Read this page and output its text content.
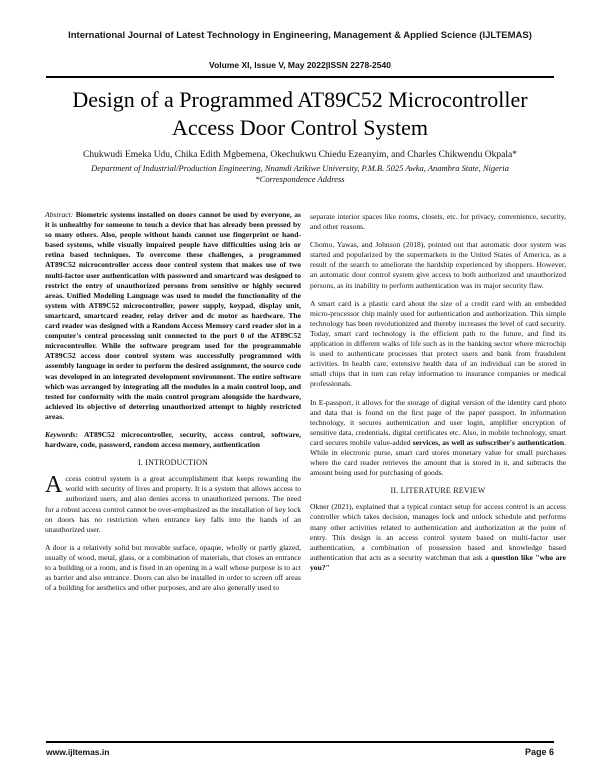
International Journal of Latest Technology in Engineering, Management & Applied Science (IJLTEMAS)
Volume XI, Issue V, May 2022|ISSN 2278-2540
Design of a Programmed AT89C52 Microcontroller
Access Door Control System
Chukwudi Emeka Udu, Chika Edith Mgbemena, Okechukwu Chiedu Ezeanyim, and Charles Chikwendu Okpala*
Department of Industrial/Production Engineering, Nnamdi Azikiwe University, P.M.B. 5025 Awka, Anambra State, Nigeria
*Correspondence Address

Abstract: Biometric systems installed on doors cannot be used by everyone, as it is unhealthy for someone to touch a device that has already been pressed by so many others. Also, people without hands cannot use fingerprint or hand-based systems, while visually impaired people have difficulties using iris or retina based techniques. To overcome these challenges, a programmed AT89C52 microcontroller access door control system that makes use of two multi-factor user authentication with password and smartcard was designed to restrict the entry of unauthorized persons from sensitive or highly secured areas. Unified Modeling Language was used to model the functionality of the system with AT89C52 microcontroller, power supply, keypad, display unit, smartcard, smartcard reader, relay driver and dc motor as hardware. The card reader was designed with a Random Access Memory card reader slot in a computer's central processing unit connected to the port 0 of the AT89C52 microcontroller. While the software program used for the programmable AT89C52 access door control system was successfully programmed with assembly language in order to perform the desired assignment, the source code was developed in an integrated development environment. The entire software which was arranged by integrating all the modules in a main control loop, and tested for conformity with the main control program alongside the hardware, achieved its objective of deterring unauthorized attempt to highly restricted areas.

Keywords: AT89C52 microcontroller, security, access control, software, hardware, code, password, random access memory, authentication

I. INTRODUCTION

Access control system is a great accomplishment that keeps rewarding the world with security of lives and property. It is a system that allows access to authorized users, and also denies access to unauthorized persons. The need for a robust access control cannot be over-emphasized as the installation of key lock on doors has no restriction when entrance key falls into the hands of an unauthorized user.

A door is a relatively solid but movable surface, opaque, wholly or partly glazed, usually of wood, metal, glass, or a combination of materials, that closes an entrance to a building or a room, and is fixed in an opening in a wall whose purpose is to act as barrier and also entrance. Doors can also be installed in order to screen off areas of a building for aesthetics and other purposes, and are also generally used to

separate interior spaces like rooms, closets, etc. for privacy, convenience, security, and other reasons.

Chomo, Yawas, and Johnson (2018), pointed out that automatic door system was started and popularized by the supermarkets in the United States of America, as a result of the search to ameliorate the hardship experienced by shoppers. However, an automatic door control system give access to both authorized and unauthorized persons, as its inability to perform authentication was its major security flaw.

A smart card is a plastic card about the size of a credit card with an embedded micro-processor chip mainly used for authentication and authorization. This simple technology has been revolutionized and thereby increases the level of card security. Today, smart card technology is the efficient path to the future, and find its application in different walks of life such as in the banking sector where microchip is used to authenticate processes that protect users and bank from fraudulent activities. In health care, extensive health data of an individual can be stored in small chips that in turn can relay information to insurance companies or medical professionals.

In E-passport, it allows for the storage of digital version of the identity card photo and data that is found on the first page of the paper passport. In information technology, it secures authentication and user login, amplifier encryption of sensitive data, credentials, digital certificates etc. Also, in mobile technology, smart card secures mobile value-added services, as well as subscriber's authentication. While in electronic purse, smart card stores monetary value for small purchases where the card reader retrieves the amount that is stored in it, and subtracts the amount being used for purchasing of goods.

II. LITERATURE REVIEW

Okner (2021), explained that a typical contact setup for access control is an access controller which takes decision, manages lock and unlock schedule and performs many other activities related to authentication and authorization at the point of entry. This design is an access control system based on multi-factor user authentication, a combination of possession based and knowledge based authentication that acts as a security watchman that ask a question like "who are you?"

www.ijltemas.in	Page 6
